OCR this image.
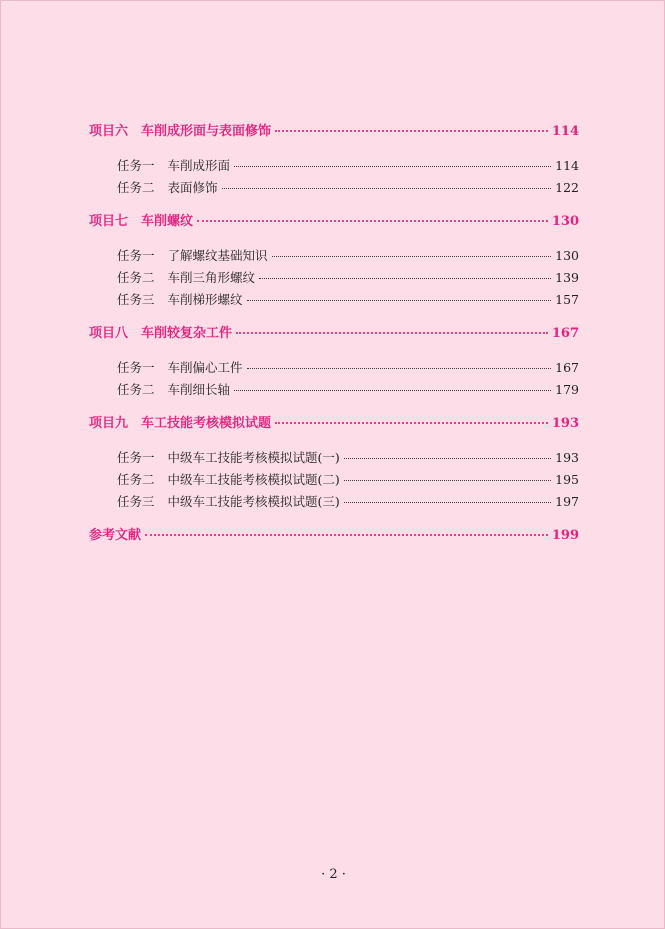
项目六 车削成形面与表面修饰	114
任务一 车削成形面	114
任务二 表面修饰	122
项目七 车削螺纹	130
任务一 了解螺纹基础知识	130
任务二 车削三角形螺纹	139
任务三 车削梯形螺纹	157
项目八 车削较复杂工件	167
任务一 车削偏心工件	167
任务二 车削细长轴	179
项目九 车工技能考核模拟试题	193
任务一 中级车工技能考核模拟试题(一)	193
任务二 中级车工技能考核模拟试题(二)	195
任务三 中级车工技能考核模拟试题(三)	197
参考文献	199
· 2 ·
